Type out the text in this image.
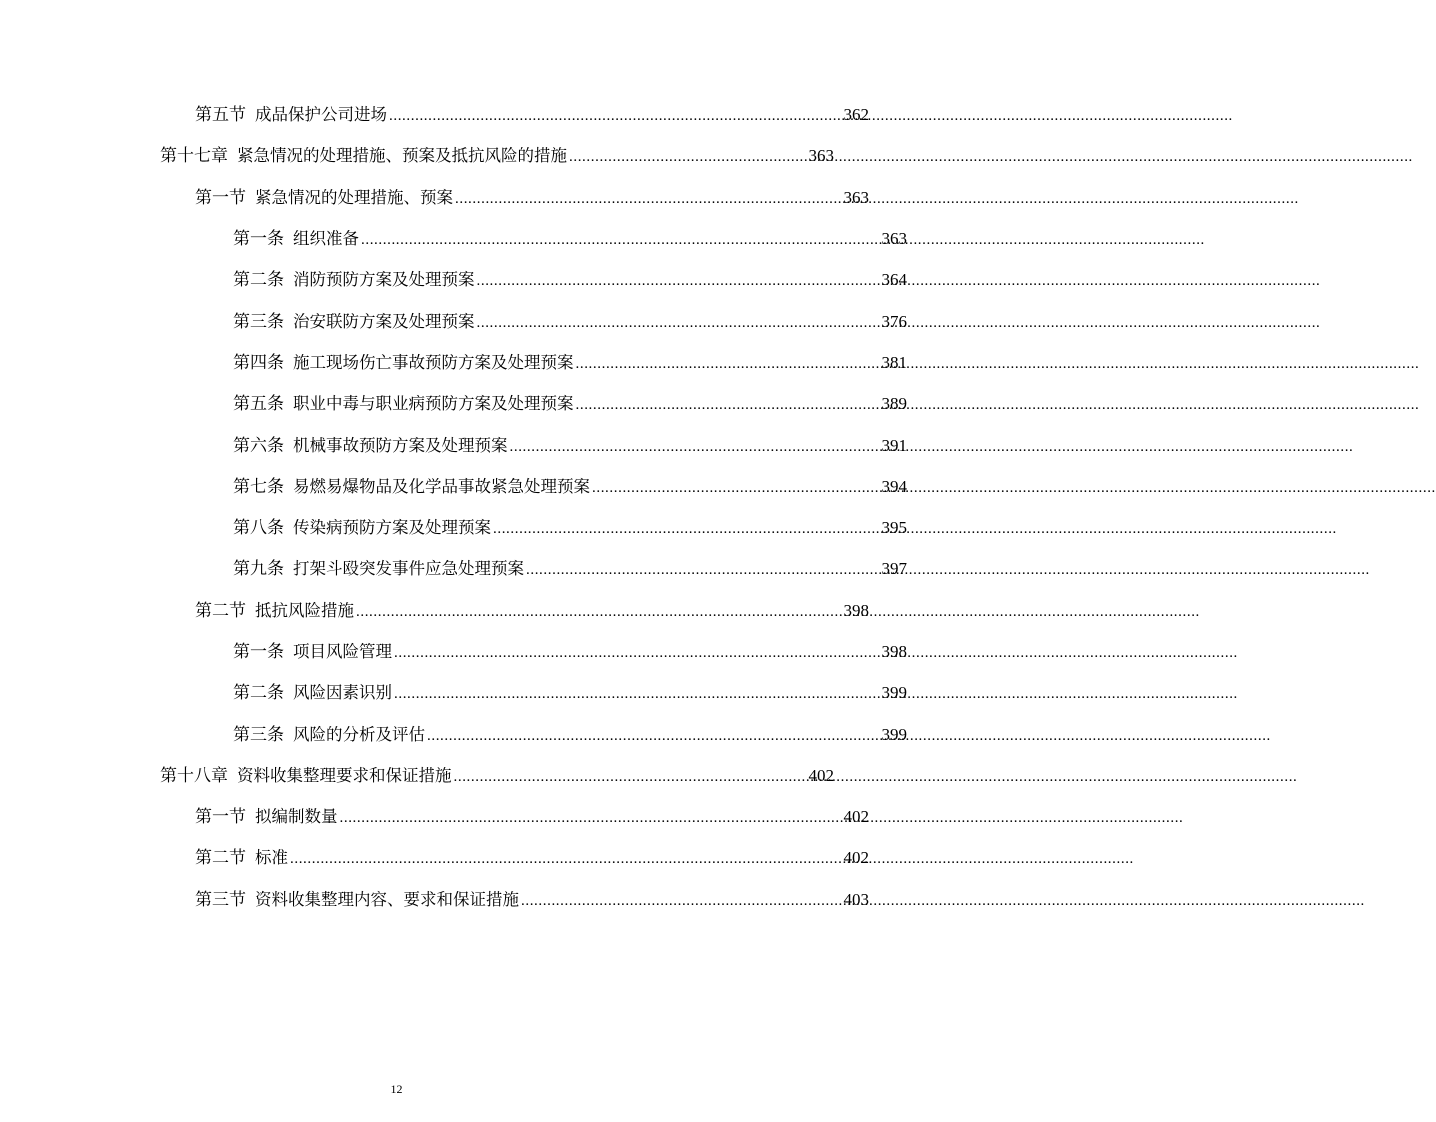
第五节 成品保护公司进场 .....	362
第十七章 紧急情况的处理措施、预案及抵抗风险的措施 .....	363
第一节 紧急情况的处理措施、预案 .....	363
第一条 组织准备 .....	363
第二条 消防预防方案及处理预案 .....	364
第三条 治安联防方案及处理预案 .....	376
第四条 施工现场伤亡事故预防方案及处理预案 .....	381
第五条 职业中毒与职业病预防方案及处理预案 .....	389
第六条 机械事故预防方案及处理预案 .....	391
第七条 易燃易爆物品及化学品事故紧急处理预案 .....	394
第八条 传染病预防方案及处理预案 .....	395
第九条 打架斗殴突发事件应急处理预案 .....	397
第二节 抵抗风险措施 .....	398
第一条 项目风险管理 .....	398
第二条 风险因素识别 .....	399
第三条 风险的分析及评估 .....	399
第十八章 资料收集整理要求和保证措施 .....	402
第一节 拟编制数量 .....	402
第二节 标准 .....	402
第三节 资料收集整理内容、要求和保证措施 .....	403
12
